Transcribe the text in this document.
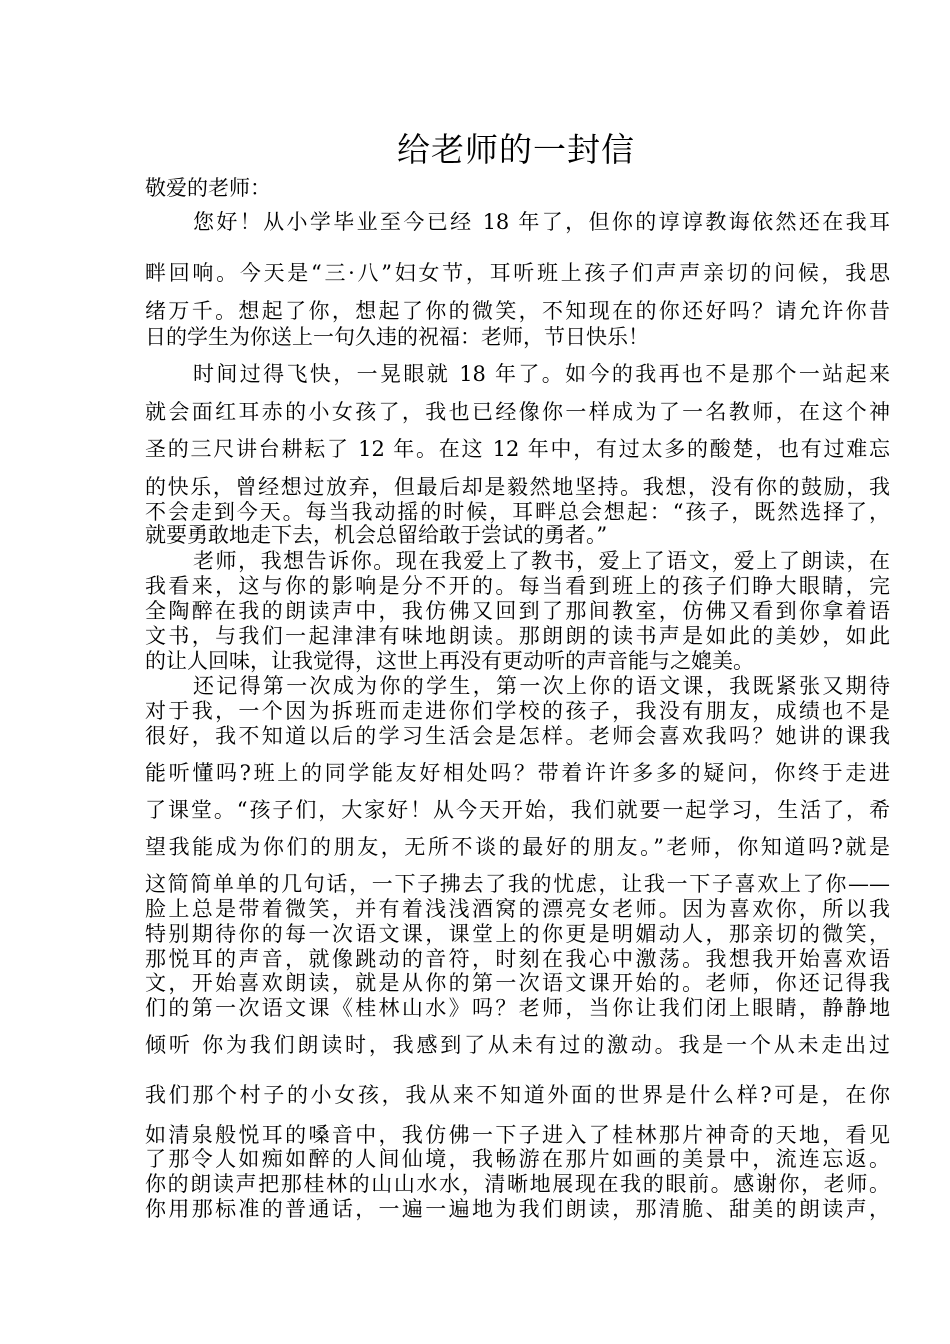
给老师的一封信
敬爱的老师：
您好！从小学毕业至今已经 18 年了，但你的谆谆教诲依然还在我耳
畔回响。今天是“三·八”妇女节，耳听班上孩子们声声亲切的问候，我思
绪万千。想起了你，想起了你的微笑，不知现在的你还好吗？请允许你昔
日的学生为你送上一句久违的祝福：老师，节日快乐！
时间过得飞快，一晃眼就 18 年了。如今的我再也不是那个一站起来
就会面红耳赤的小女孩了，我也已经像你一样成为了一名教师，在这个神
圣的三尺讲台耕耘了 12 年。在这 12 年中，有过太多的酸楚，也有过难忘
的快乐，曾经想过放弃，但最后却是毅然地坚持。我想，没有你的鼓励，我
不会走到今天。每当我动摇的时候，耳畔总会想起：“孩子，既然选择了，
就要勇敢地走下去，机会总留给敢于尝试的勇者。”
老师，我想告诉你。现在我爱上了教书，爱上了语文，爱上了朗读，在
我看来，这与你的影响是分不开的。每当看到班上的孩子们睁大眼睛，完
全陶醉在我的朗读声中，我仿佛又回到了那间教室，仿佛又看到你拿着语
文书，与我们一起津津有味地朗读。那朗朗的读书声是如此的美妙，如此
的让人回味，让我觉得，这世上再没有更动听的声音能与之媲美。
还记得第一次成为你的学生，第一次上你的语文课，我既紧张又期待
对于我，一个因为拆班而走进你们学校的孩子，我没有朋友，成绩也不是
很好，我不知道以后的学习生活会是怎样。老师会喜欢我吗？她讲的课我
能听懂吗?班上的同学能友好相处吗？带着许许多多的疑问，你终于走进
了课堂。“孩子们，大家好！从今天开始，我们就要一起学习，生活了，希
望我能成为你们的朋友，无所不谈的最好的朋友。”老师，你知道吗?就是
这简简单单的几句话，一下子拂去了我的忧虑，让我一下子喜欢上了你——
脸上总是带着微笑，并有着浅浅酒窝的漂亮女老师。因为喜欢你，所以我
特别期待你的每一次语文课，课堂上的你更是明媚动人，那亲切的微笑，
那悦耳的声音，就像跳动的音符，时刻在我心中激荡。我想我开始喜欢语
文，开始喜欢朗读，就是从你的第一次语文课开始的。老师，你还记得我
们的第一次语文课《桂林山水》吗？老师，当你让我们闭上眼睛，静静地
倾听 你为我们朗读时，我感到了从未有过的激动。我是一个从未走出过
我们那个村子的小女孩，我从来不知道外面的世界是什么样?可是，在你
如清泉般悦耳的嗓音中，我仿佛一下子进入了桂林那片神奇的天地，看见
了那令人如痴如醉的人间仙境，我畅游在那片如画的美景中，流连忘返。
你的朗读声把那桂林的山山水水，清晰地展现在我的眼前。感谢你，老师。
你用那标准的普通话，一遍一遍地为我们朗读，那清脆、甜美的朗读声，
